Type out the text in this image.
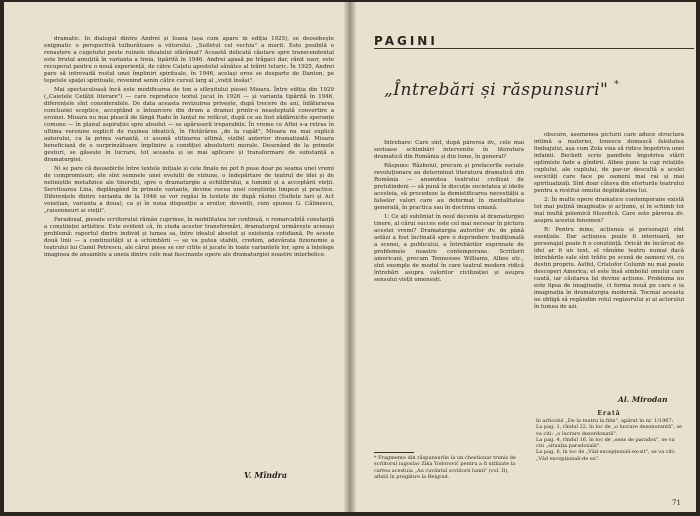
dramatic. În dialogul dintre Andrei și Ioana (așa cum apare în ediția 1925), se deosebește enigmatic o perspectivă tulburătoare a viitorului. „Sufletul cel vechiu" a murit. Este posibilă o renaștere a cugetului peste ruinele idealului sfărâmat? Această delicată căutare spre transcendental este brutal amuțită în varianta a treia, tipărită în 1946. Andrei apasă pe trăgaci dar, rănit ușor, este recuperat pentru o nouă experiență, de către Cațelu apostolul sănătos al trăirii teluric. În 1925, Andrei pare să intrevadă rostul unei împliniri spirituale, în 1946, același erou se desparte de Danton, pe tepetele spaței spirituale, revenind senin către cursul larg al „vieții însăși".

Mai spectaculoasă încă este modificarea de ton a sfârșitului piesei Mioara. Între ediția din 1929 („Caietele Cetății literare") — care reproduce textul jucat în 1926 — și varianta tipărită în 1946, diferențele sînt considerabile. De data aceasta revizuirea privește, după trecere de ani, înlăturarea concluziei sceptice, acceptând o întoarcere din drum a dramei printr-o neașteptată convertire a eroinei. Mioara nu mai pleacă de lângă Radu în lanțul ne refăcut, după ce au fost zădărnicite speranțe comune — în planul aspirației spre absolut — se apăruseră ireparabile. În vreme ce Aftei s-a retras în ultima versiune explicit de rușinea ideatică, în Hotărârea „de la capăt", Mioara nu mai explică autorului, ca la prima variantă, ci asumă stilizarea ultimă, vizibil anterior dramatizată. Mioara beneficiază de o surprinzătoare împlinire a condiției absolutorii morale. Desenând de la primele gesturi, se găsește în lucrare, tot aceasta și se mai aplicare și transformare de substanță a dramaturgiei.

Ni se pare că deosebirile între textele inițiale și cele finale nu pot fi puse doar pe seama unei vremi de compromisuri; ele sînt semnele unei evoluții de viziune, o îndepărtare de teatrul de idei și de neliniștile metafizice ale tinereții, spre o dramaturgie a echilibrului, a luminii și a acceptării vieții. Servitoarea Lina, deplângând în primele variante, devine vocea unei conștiințe limpezi și practice. Diferențele dintre varianta de la 1946 se vor regăsi în textele de după război (Suflete tari și Act venețian, varianta a doua), ca și în noua dispoziție a eroilor, deveniți, cum spunea G. Călinescu, „raisonneuri ai vieții".

Paradoxal, piesele scriitorului rămân cuprinse, în mobilitatea lor continuă, o remarcabilă constanță a conștiinței artistice. Este evident că, în ciuda acestor transformări, dramaturgul urmărește aceeași problemă: raportul dintre individ și lumea sa, între idealul absolut și existența cotidiană. Pe aceste două linii — a continuității și a schimbării — se va putea stabili, credem, adevărata fizionomie a teatrului lui Camil Petrescu, ale cărui piese se cer citite și jucate în toate variantele lor, spre a înțelege imaginea de ansamblu a uneia dintre cele mai fascinante opere ale dramaturgiei noastre interbelice.

V. Mîndra
PAGINI
„Întrebări și răspunsuri" *

Întrebare: Care sînt, după părerea dv., cele mai serioase schimbări intervenite în literatura dramatică din România și din lume, în general?

Răspuns: Războiul, precum și prefacerile sociale revoluționare au determinat literatura dramatică din România — anumitea teatrului civilizat de pretutindeni — să pună în discuție societatea și ideile acesteia, să procedeze la demistificarea necesității a falselor valori care au deformat în mentalitatea generală, în practica sau în doctrina umană.

1: Ce ați subliniat în noul deceniu al dramaturgiei tinere, al cărui succes este cel mai necesar în pictura acestei vremi? Dramaturgia autorilor dv. de până astăzi a fost înclinată spre o deprindere tradițională a scenei, a publicului, a întrebărilor exprimate de problemele noastre contemporane. Scriitorii americani, precum Tennessee Williams, Albee etc., sînt exemple de modul în care teatrul modern ridică întrebări asupra valorilor civilizației și asupra sensului vieții omenești.

* Fragmente din răspunsurile la un chestionar trimis de scriitorul iugoslav Zika Todorović pentru a fi utilizate la cartea acestuia „Au cuvântul scriitorii lumii" (vol. II), aflată în pregătire la Belgrad.

obscure, asemenea picturii care aduce structura intimă a materiei, Ionescu demască falsitatea limbajului, așa cum Zola voia să ridice împotriva unei infamii. Beckett scrie pamflete împotriva stării optimiste fade a gîndirii. Albee pune la cap relațiile cuplului, ale cuplului, de par-ur descultă a acelei societăți care face pe oameni mai rai și mai spiritualizați. Sînt doar câteva din eforturile teatrului pentru a restitui omului deplinătatea lui.

2: În multe opere dramatice contemporane există tot mai puțină imaginație și acțiune, și în schimb tot mai multă polemică filozofică. Care este părerea dv. asupra acestui fenomen?

R: Pentru mine, acțiunea și personajul sînt esențiale. Dar acțiunea poate fi interioară, iar personajul poate fi o conștiință. Oricât de încărcat de idei ar fi un text, el rămâne teatru numai dacă întrebările sale sînt trăite pe scenă de oameni vii, cu destin propriu. Astfel, Cristofor Columb nu mai poate descoperi America; el este însă simbolul omului care caută, iar căutarea lui devine acțiune. Problema nu este lipsa de imaginație, ci forma nouă pe care o ia imaginația în dramaturgia modernă. Tocmai aceasta ne obligă să regândim rolul regizorului și al actorului în lumea de azi.

Al. Mirodan
Erată
în articolul „De la teatru la film", apărut în nr. 1/1967:
La pag. 1, rîndul 22, în loc de „o lucrare dezonorantă", se va citi: „o lucrare dezordonată".
La pag. 4, rîndul 16, în loc de „sens de paradox", se va citi „situația paradoxală".
La pag. 6, în loc de „Văd excepționali-ex-sit", se va citi: „Văd excepționali-de ex".
71
